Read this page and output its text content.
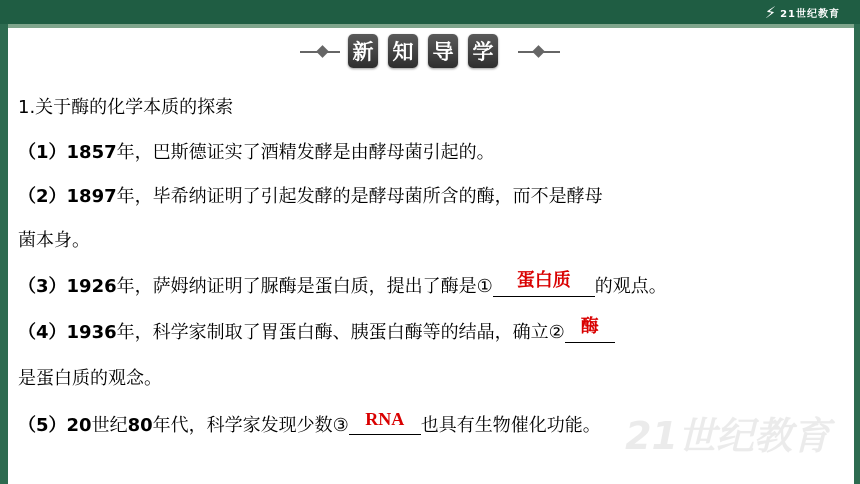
⚡ 21世纪教育
新 知 导 学
21世纪教育
1.关于酶的化学本质的探索
（1）1857年，巴斯德证实了酒精发酵是由酵母菌引起的。
（2）1897年，毕希纳证明了引起发酵的是酵母菌所含的酶，而不是酵母
菌本身。
（3）1926年，萨姆纳证明了脲酶是蛋白质，提出了酶是① 蛋白质 的观点。
（4）1936年，科学家制取了胃蛋白酶、胰蛋白酶等的结晶，确立② 酶
是蛋白质的观念。
（5）20世纪80年代，科学家发现少数③ RNA 也具有生物催化功能。
